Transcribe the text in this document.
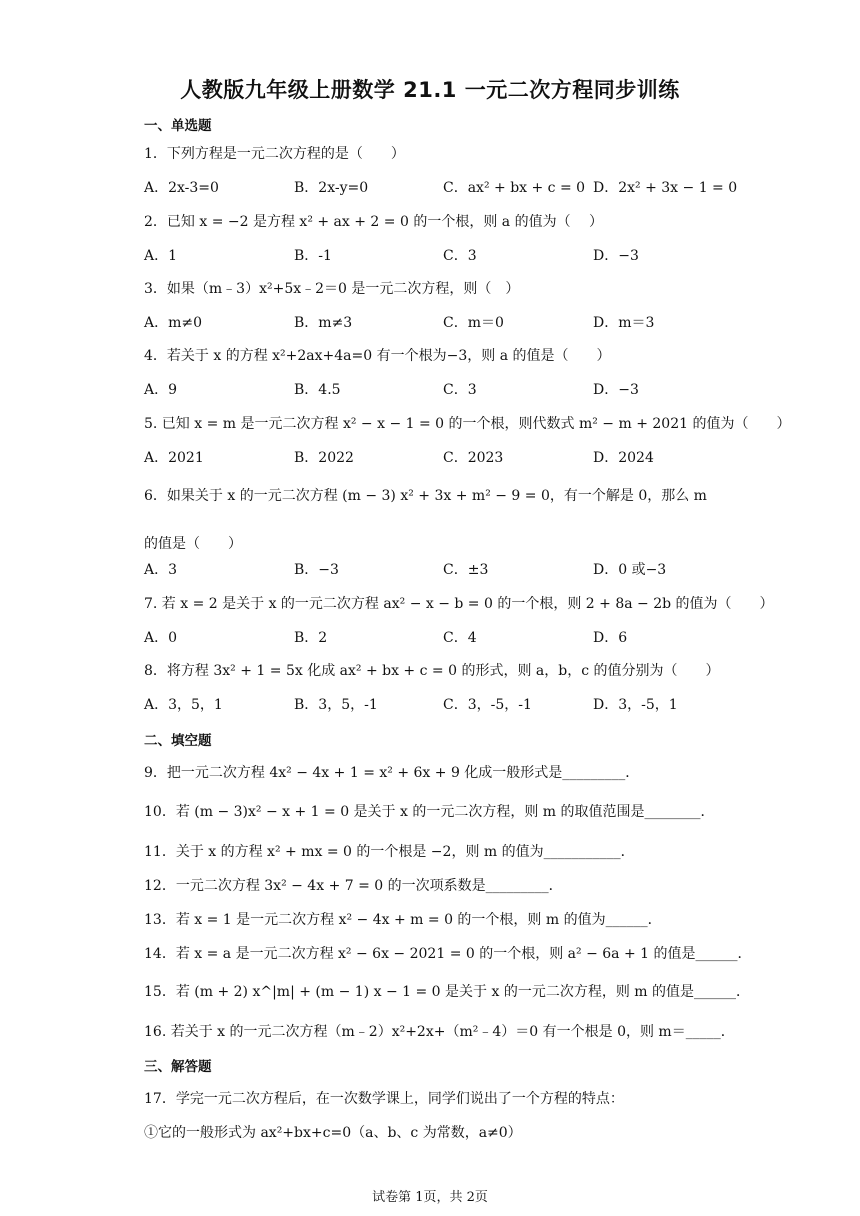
人教版九年级上册数学 21.1 一元二次方程同步训练
一、单选题
1．下列方程是一元二次方程的是（　　）
A．2x-3=0	B．2x-y=0	C．ax² + bx + c = 0 D．2x² + 3x − 1 = 0
2．已知 x = −2 是方程 x² + ax + 2 = 0 的一个根，则 a 的值为（　 ）
A．1	B．-1	C．3	D．−3
3．如果（m﹣3）x²+5x﹣2＝0 是一元二次方程，则（　）
A．m≠0	B．m≠3	C．m＝0	D．m＝3
4．若关于 x 的方程 x²+2ax+4a=0 有一个根为−3，则 a 的值是（　　）
A．9	B．4.5	C．3	D．−3
5. 已知 x = m 是一元二次方程 x² − x − 1 = 0 的一个根，则代数式 m² − m + 2021 的值为（　　）
A．2021	B．2022	C．2023	D．2024
6．如果关于 x 的一元二次方程 (m − 3) x² + 3x + m² − 9 = 0，有一个解是 0，那么 m 的值是（　　）
A．3	B．−3	C．±3	D．0 或−3
7. 若 x = 2 是关于 x 的一元二次方程 ax² − x − b = 0 的一个根，则 2 + 8a − 2b 的值为（　　）
A．0	B．2	C．4	D．6
8．将方程 3x² + 1 = 5x 化成 ax² + bx + c = 0 的形式，则 a，b，c 的值分别为（　　）
A．3，5，1	B．3，5，-1	C．3，-5，-1	D．3，-5，1
二、填空题
9．把一元二次方程 4x² − 4x + 1 = x² + 6x + 9 化成一般形式是_________．
10．若 (m − 3)x² − x + 1 = 0 是关于 x 的一元二次方程，则 m 的取值范围是________．
11．关于 x 的方程 x² + mx = 0 的一个根是 −2，则 m 的值为___________．
12．一元二次方程 3x² − 4x + 7 = 0 的一次项系数是_________．
13．若 x = 1 是一元二次方程 x² − 4x + m = 0 的一个根，则 m 的值为______．
14．若 x = a 是一元二次方程 x² − 6x − 2021 = 0 的一个根，则 a² − 6a + 1 的值是______．
15．若 (m + 2) x^|m| + (m − 1) x − 1 = 0 是关于 x 的一元二次方程，则 m 的值是______．
16. 若关于 x 的一元二次方程（m﹣2）x²+2x+（m²﹣4）＝0 有一个根是 0，则 m＝_____．
三、解答题
17．学完一元二次方程后，在一次数学课上，同学们说出了一个方程的特点：
①它的一般形式为 ax²+bx+c=0（a、b、c 为常数，a≠0）
试卷第 1页，共 2页
